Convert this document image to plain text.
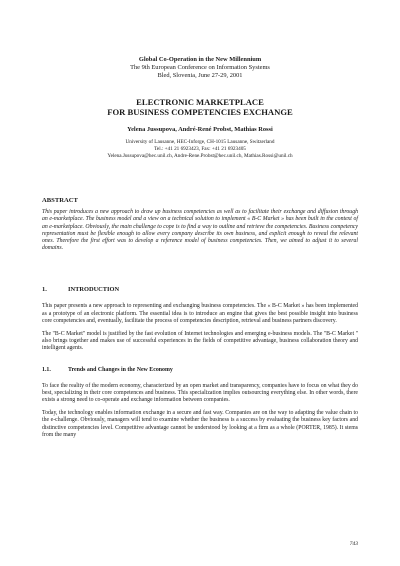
Global Co-Operation in the New Millennium
The 9th European Conference on Information Systems
Bled, Slovenia, June 27-29, 2001
ELECTRONIC MARKETPLACE
FOR BUSINESS COMPETENCIES EXCHANGE
Yelena Jussupova, André-René Probst, Mathias Rossi
University of Lausanne, HEC-Inforge, CH-1015 Lausanne, Switzerland
Tel.: +41 21 6923423, Fax: +41 21 6923405
Yelena.Jussupova@hec.unil.ch, Andre-Rene.Probst@hec.unil.ch, Mathias.Rossi@unil.ch
ABSTRACT
This paper introduces a new approach to draw up business competencies as well as to facilitate their exchange and diffusion through an e-marketplace. The business model and a view on a technical solution to implement « B-C Market » has been built in the context of an e-marketplace. Obviously, the main challenge to cope is to find a way to outline and retrieve the competencies. Business competency representation must be flexible enough to allow every company describe its own business, and explicit enough to reveal the relevant ones. Therefore the first effort was to develop a reference model of business competencies. Then, we aimed to adjust it to several domains.
1.	INTRODUCTION
This paper presents a new approach to representing and exchanging business competencies. The « B-C Market » has been implemented as a prototype of an electronic platform. The essential idea is to introduce an engine that gives the best possible insight into business core competencies and, eventually, facilitate the process of competencies description, retrieval and business partners discovery.
The "B-C Market" model is justified by the fast evolution of Internet technologies and emerging e-business models. The "B-C Market " also brings together and makes use of successful experiences in the fields of competitive advantage, business collaboration theory and intelligent agents.
1.1.	Trends and Changes in the New Economy
To face the reality of the modern economy, characterized by an open market and transparency, companies have to focus on what they do best, specializing in their core competences and business. This specialization implies outsourcing everything else. In other words, there exists a strong need to co-operate and exchange information between companies.
Today, the technology enables information exchange in a secure and fast way. Companies are on the way to adapting the value chain to the e-challenge. Obviously, managers will tend to examine whether the business is a success by evaluating the business key factors and distinctive competencies level. Competitive advantage cannot be understood by looking at a firm as a whole (PORTER, 1985). It stems from the many
743
